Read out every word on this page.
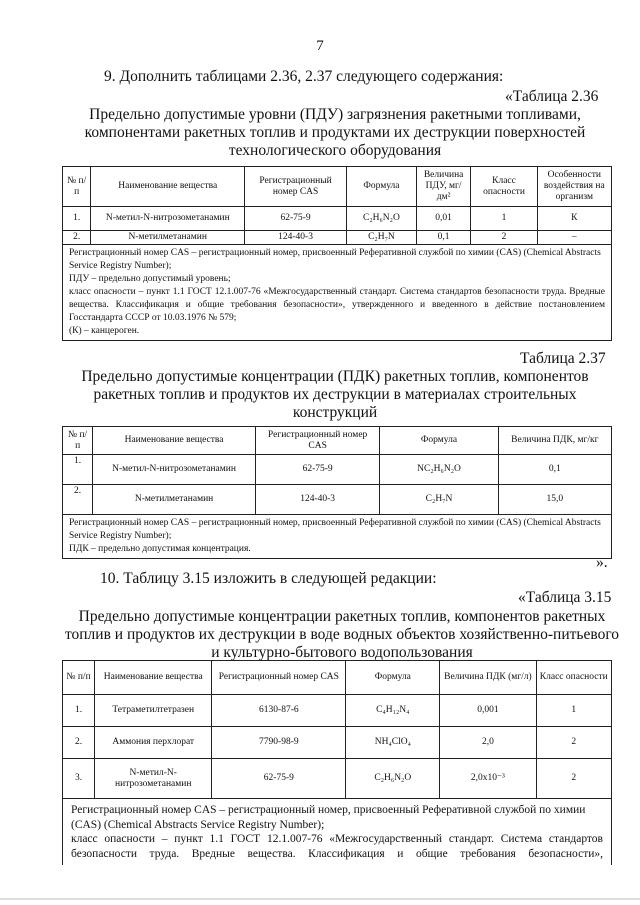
7
9. Дополнить таблицами 2.36, 2.37 следующего содержания:
«Таблица 2.36
Предельно допустимые уровни (ПДУ) загрязнения ракетными топливами, компонентами ракетных топлив и продуктами их деструкции поверхностей технологического оборудования
№ п/п	Наименование вещества	Регистрационный номер CAS	Формула	Величина ПДУ, мг/дм²	Класс опасности	Особенности воздействия на организм
1.	N-метил-N-нитрозометанамин	62-75-9	C₂H₆N₂O	0,01	1	К
2.	N-метилметанамин	124-40-3	C₂H₇N	0,1	2	–

Регистрационный номер CAS – регистрационный номер, присвоенный Реферативной службой по химии (CAS) (Chemical Abstracts Service Registry Number);
ПДУ – предельно допустимый уровень;
класс опасности – пункт 1.1 ГОСТ 12.1.007-76 «Межгосударственный стандарт. Система стандартов безопасности труда. Вредные вещества. Классификация и общие требования безопасности», утвержденного и введенного в действие постановлением Госстандарта СССР от 10.03.1976 № 579;
(К) – канцероген.						
Таблица 2.37
Предельно допустимые концентрации (ПДК) ракетных топлив, компонентов ракетных топлив и продуктов их деструкции в материалах строительных конструкций
№ п/п	Наименование вещества	Регистрационный номер CAS	Формула	Величина ПДК, мг/кг
1.	N-метил-N-нитрозометанамин	62-75-9	NC₂H₆N₂O	0,1
2.	N-метилметанамин	124-40-3	C₂H₇N	15,0

Регистрационный номер CAS – регистрационный номер, присвоенный Реферативной службой по химии (CAS) (Chemical Abstracts Service Registry Number);
ПДК – предельно допустимая концентрация.				
».
10. Таблицу 3.15 изложить в следующей редакции:
«Таблица 3.15
Предельно допустимые концентрации ракетных топлив, компонентов ракетных топлив и продуктов их деструкции в воде водных объектов хозяйственно-питьевого и культурно-бытового водопользования
№ п/п	Наименование вещества	Регистрационный номер CAS	Формула	Величина ПДК (мг/л)	Класс опасности
1.	Тетраметилтетразен	6130-87-6	C₄H₁₂N₄	0,001	1
2.	Аммония перхлорат	7790-98-9	NH₄ClO₄	2,0	2
3.	N-метил-N-нитрозометанамин	62-75-9	C₂H₆N₂O	2,0x10⁻³	2

Регистрационный номер CAS – регистрационный номер, присвоенный Реферативной службой по химии (CAS) (Chemical Abstracts Service Registry Number);
класс опасности – пункт 1.1 ГОСТ 12.1.007-76 «Межгосударственный стандарт. Система стандартов безопасности труда. Вредные вещества. Классификация и общие требования безопасности»,					
